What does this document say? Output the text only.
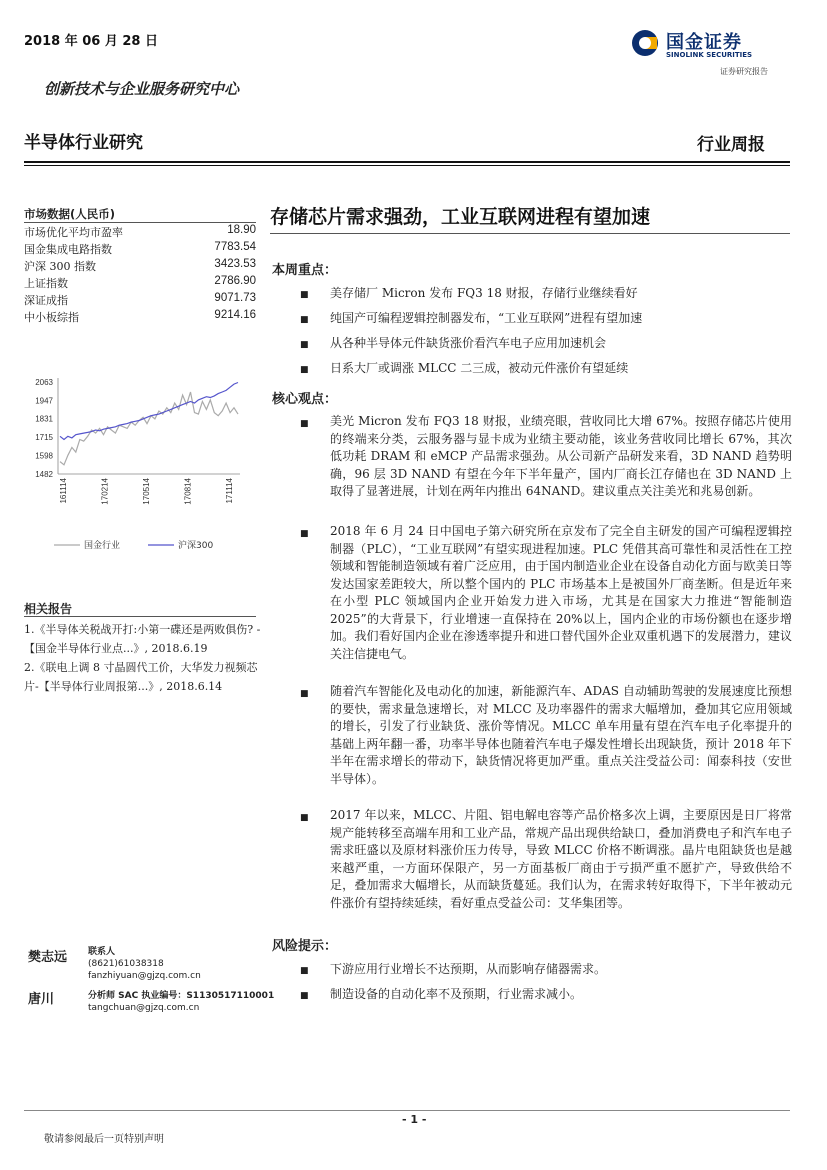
2018 年 06 月 28 日	国金证券
SINOLINK SECURITIES
证券研究报告
创新技术与企业服务研究中心
半导体行业研究	行业周报
市场数据(人民币)
市场优化平均市盈率	18.90
国金集成电路指数	7783.54
沪深 300 指数	3423.53
上证指数	2786.90
深证成指	9071.73
中小板综指	9214.16
2063
1947
1831
1715
1598
1482
161114	170214	170514	170814	171114
国金行业	沪深300
相关报告
1.《半导体关税战开打:小第一碟还是两败俱伤? -【国金半导体行业点...》, 2018.6.19
2.《联电上调 8 寸晶圆代工价，大华发力视频芯片-【半导体行业周报第...》, 2018.6.14
樊志远 联系人
(8621)61038318
fanzhiyuan@gjzq.com.cn
唐川	分析师 SAC 执业编号：S1130517110001
tangchuan@gjzq.com.cn
存储芯片需求强劲，工业互联网进程有望加速
本周重点：
■ 美存储厂 Micron 发布 FQ3 18 财报，存储行业继续看好
■ 纯国产可编程逻辑控制器发布，“工业互联网”进程有望加速
■ 从各种半导体元件缺货涨价看汽车电子应用加速机会
■ 日系大厂或调涨 MLCC 二三成，被动元件涨价有望延续
核心观点：
■ 美光 Micron 发布 FQ3 18 财报，业绩亮眼，营收同比大增 67%。按照存储芯片使用的终端来分类，云服务器与显卡成为业绩主要动能，该业务营收同比增长 67%，其次低功耗 DRAM 和 eMCP 产品需求强劲。从公司新产品研发来看，3D NAND 趋势明确，96 层 3D NAND 有望在今年下半年量产，国内厂商长江存储也在 3D NAND 上取得了显著进展，计划在两年内推出 64NAND。建议重点关注美光和兆易创新。
■ 2018 年 6 月 24 日中国电子第六研究所在京发布了完全自主研发的国产可编程逻辑控制器（PLC），“工业互联网”有望实现进程加速。PLC 凭借其高可靠性和灵活性在工控领域和智能制造领域有着广泛应用，由于国内制造业企业在设备自动化方面与欧美日等发达国家差距较大，所以整个国内的 PLC 市场基本上是被国外厂商垄断。但是近年来在小型 PLC 领域国内企业开始发力进入市场，尤其是在国家大力推进“智能制造 2025”的大背景下，行业增速一直保持在 20%以上，国内企业的市场份额也在逐步增加。我们看好国内企业在渗透率提升和进口替代国外企业双重机遇下的发展潜力，建议关注信捷电气。
■ 随着汽车智能化及电动化的加速，新能源汽车、ADAS 自动辅助驾驶的发展速度比预想的要快，需求量急速增长，对 MLCC 及功率器件的需求大幅增加，叠加其它应用领域的增长，引发了行业缺货、涨价等情况。MLCC 单车用量有望在汽车电子化率提升的基础上两年翻一番，功率半导体也随着汽车电子爆发性增长出现缺货，预计 2018 年下半年在需求增长的带动下，缺货情况将更加严重。重点关注受益公司：闻泰科技（安世半导体）。
■ 2017 年以来，MLCC、片阻、铝电解电容等产品价格多次上调，主要原因是日厂将常规产能转移至高端车用和工业产品，常规产品出现供给缺口，叠加消费电子和汽车电子需求旺盛以及原材料涨价压力传导，导致 MLCC 价格不断调涨。晶片电阻缺货也是越来越严重，一方面环保限产，另一方面基板厂商由于亏损严重不愿扩产，导致供给不足，叠加需求大幅增长，从而缺货蔓延。我们认为，在需求转好取得下，下半年被动元件涨价有望持续延续，看好重点受益公司：艾华集团等。
风险提示：
■ 下游应用行业增长不达预期，从而影响存储器需求。
■ 制造设备的自动化率不及预期，行业需求减小。
- 1 -
敬请参阅最后一页特别声明
